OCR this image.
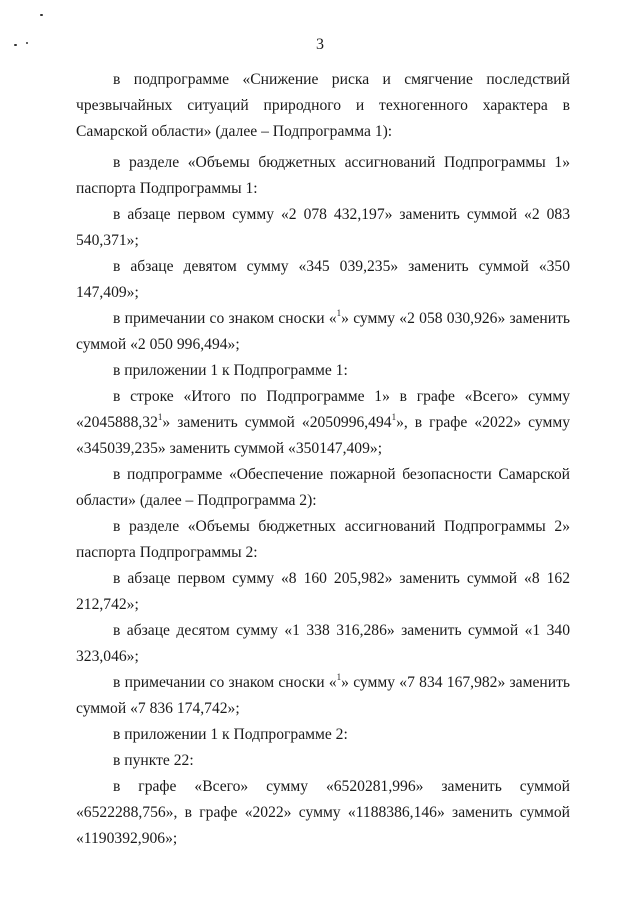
3

в подпрограмме «Снижение риска и смягчение последствий чрезвычайных ситуаций природного и техногенного характера в Самарской области» (далее – Подпрограмма 1):

в разделе «Объемы бюджетных ассигнований Подпрограммы 1» паспорта Подпрограммы 1:

в абзаце первом сумму «2 078 432,197» заменить суммой «2 083 540,371»;

в абзаце девятом сумму «345 039,235» заменить суммой «350 147,409»;

в примечании со знаком сноски «$^1$» сумму «2 058 030,926» заменить суммой «2 050 996,494»;

в приложении 1 к Подпрограмме 1:

в строке «Итого по Подпрограмме 1» в графе «Всего» сумму «2045888,32$^1$» заменить суммой «2050996,494$^1$», в графе «2022» сумму «345039,235» заменить суммой «350147,409»;

в подпрограмме «Обеспечение пожарной безопасности Самарской области» (далее – Подпрограмма 2):

в разделе «Объемы бюджетных ассигнований Подпрограммы 2» паспорта Подпрограммы 2:

в абзаце первом сумму «8 160 205,982» заменить суммой «8 162 212,742»;

в абзаце десятом сумму «1 338 316,286» заменить суммой «1 340 323,046»;

в примечании со знаком сноски «$^1$» сумму «7 834 167,982» заменить суммой «7 836 174,742»;

в приложении 1 к Подпрограмме 2:

в пункте 22:

в графе «Всего» сумму «6520281,996» заменить суммой «6522288,756», в графе «2022» сумму «1188386,146» заменить суммой «1190392,906»;
